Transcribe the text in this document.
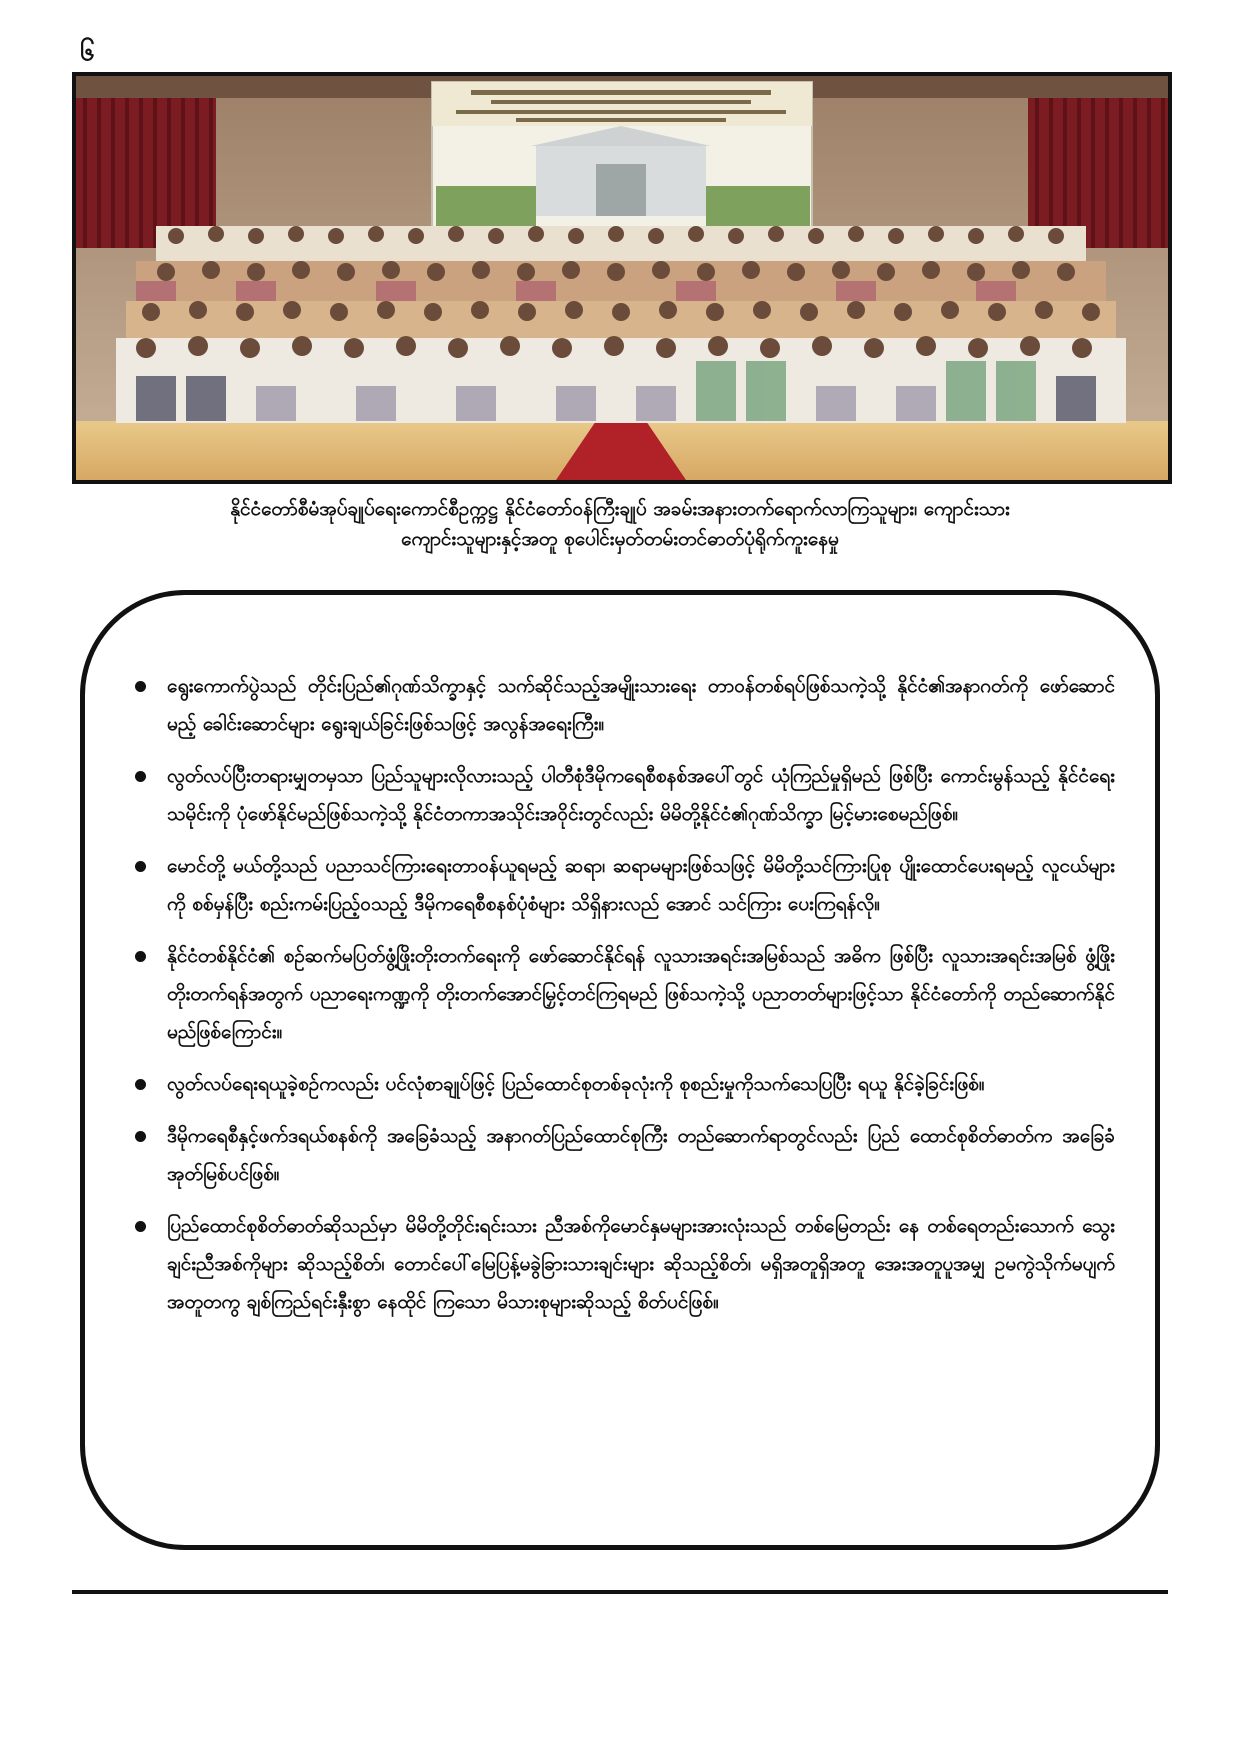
၆
နိုင်ငံတော်စီမံအုပ်ချုပ်ရေးကောင်စီဥက္ကဋ္ဌ နိုင်ငံတော်ဝန်ကြီးချုပ် အခမ်းအနားတက်ရောက်လာကြသူများ၊ ကျောင်းသား
ကျောင်းသူများနှင့်အတူ စုပေါင်းမှတ်တမ်းတင်ဓာတ်ပုံရိုက်ကူးနေမှု
ရွေးကောက်ပွဲသည် တိုင်းပြည်၏ဂုဏ်သိက္ခာနှင့် သက်ဆိုင်သည့်အမျိုးသားရေး တာဝန်တစ်ရပ်ဖြစ်သကဲ့သို့ နိုင်ငံ၏အနာဂတ်ကို ဖော်ဆောင်မည့် ခေါင်းဆောင်များ ရွေးချယ်ခြင်းဖြစ်သဖြင့် အလွန်အရေးကြီး။
လွတ်လပ်ပြီးတရားမျှတမှသာ ပြည်သူများလိုလားသည့် ပါတီစုံဒီမိုကရေစီစနစ်အပေါ်တွင် ယုံကြည်မှုရှိမည် ဖြစ်ပြီး ကောင်းမွန်သည့် နိုင်ငံရေးသမိုင်းကို ပုံဖော်နိုင်မည်ဖြစ်သကဲ့သို့ နိုင်ငံတကာအသိုင်းအဝိုင်းတွင်လည်း မိမိတို့နိုင်ငံ၏ဂုဏ်သိက္ခာ မြင့်မားစေမည်ဖြစ်။
မောင်တို့ မယ်တို့သည် ပညာသင်ကြားရေးတာဝန်ယူရမည့် ဆရာ၊ ဆရာမများဖြစ်သဖြင့် မိမိတို့သင်ကြားပြုစု ပျိုးထောင်ပေးရမည့် လူငယ်များကို စစ်မှန်ပြီး စည်းကမ်းပြည့်ဝသည့် ဒီမိုကရေစီစနစ်ပုံစံများ သိရှိနားလည် အောင် သင်ကြား ပေးကြရန်လို။
နိုင်ငံတစ်နိုင်ငံ၏ စဉ်ဆက်မပြတ်ဖွံ့ဖြိုးတိုးတက်ရေးကို ဖော်ဆောင်နိုင်ရန် လူသားအရင်းအမြစ်သည် အဓိက ဖြစ်ပြီး လူသားအရင်းအမြစ် ဖွံ့ဖြိုးတိုးတက်ရန်အတွက် ပညာရေးကဏ္ဍကို တိုးတက်အောင်မြှင့်တင်ကြရမည် ဖြစ်သကဲ့သို့ ပညာတတ်များဖြင့်သာ နိုင်ငံတော်ကို တည်ဆောက်နိုင်မည်ဖြစ်ကြောင်း။
လွတ်လပ်ရေးရယူခဲ့စဉ်ကလည်း ပင်လုံစာချုပ်ဖြင့် ပြည်ထောင်စုတစ်ခုလုံးကို စုစည်းမှုကိုသက်သေပြပြီး ရယူ နိုင်ခဲ့ခြင်းဖြစ်။
ဒီမိုကရေစီနှင့်ဖက်ဒရယ်စနစ်ကို အခြေခံသည့် အနာဂတ်ပြည်ထောင်စုကြီး တည်ဆောက်ရာတွင်လည်း ပြည် ထောင်စုစိတ်ဓာတ်က အခြေခံအုတ်မြစ်ပင်ဖြစ်။
ပြည်ထောင်စုစိတ်ဓာတ်ဆိုသည်မှာ မိမိတို့တိုင်းရင်းသား ညီအစ်ကိုမောင်နှမများအားလုံးသည် တစ်မြေတည်း နေ တစ်ရေတည်းသောက် သွေးချင်းညီအစ်ကိုများ ဆိုသည့်စိတ်၊ တောင်ပေါ်မြေပြန့်မခွဲခြားသားချင်းများ ဆိုသည့်စိတ်၊ မရှိအတူရှိအတူ အေးအတူပူအမျှ ဥမကွဲသိုက်မပျက်အတူတကွ ချစ်ကြည်ရင်းနှီးစွာ နေထိုင် ကြသော မိသားစုများဆိုသည့် စိတ်ပင်ဖြစ်။
